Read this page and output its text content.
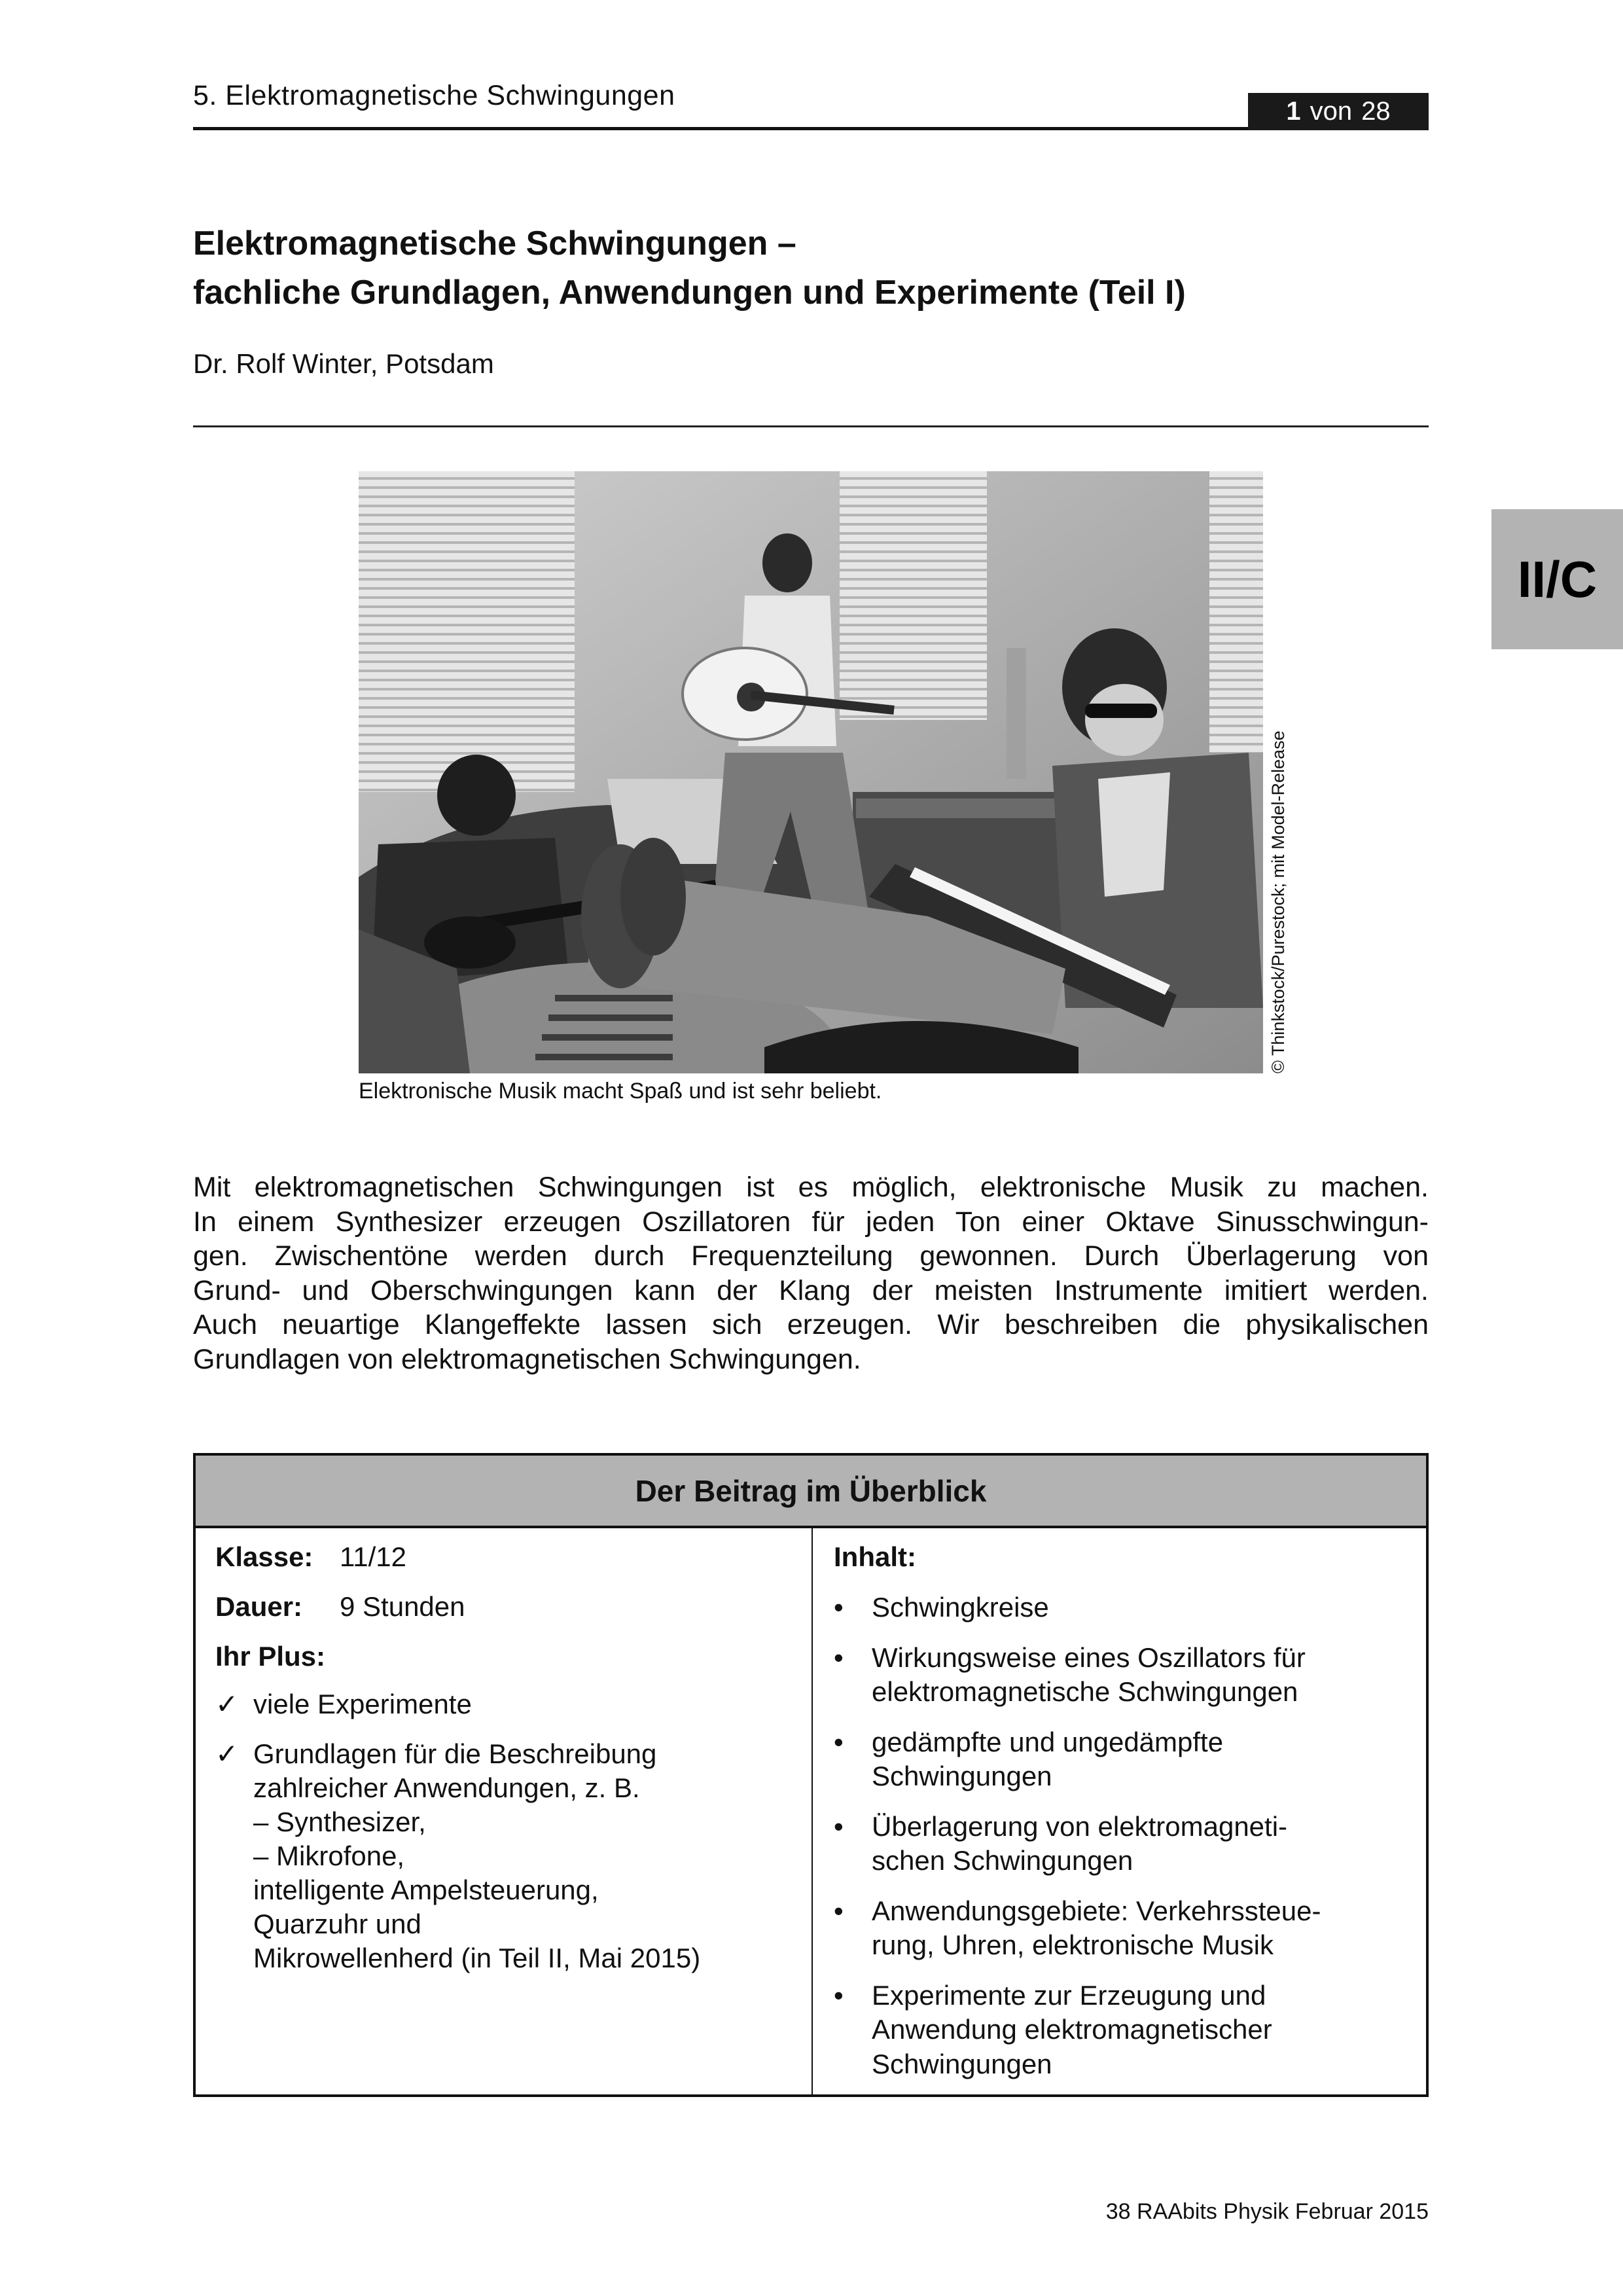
5. Elektromagnetische Schwingungen	1 von 28
II/C
Elektromagnetische Schwingungen –
fachliche Grundlagen, Anwendungen und Experimente (Teil I)
Dr. Rolf Winter, Potsdam
© Thinkstock/Purestock; mit Model-Release
Elektronische Musik macht Spaß und ist sehr beliebt.
Mit elektromagnetischen Schwingungen ist es möglich, elektronische Musik zu machen.
In einem Synthesizer erzeugen Oszillatoren für jeden Ton einer Oktave Sinusschwingun-
gen. Zwischentöne werden durch Frequenzteilung gewonnen. Durch Überlagerung von
Grund- und Oberschwingungen kann der Klang der meisten Instrumente imitiert werden.
Auch neuartige Klangeffekte lassen sich erzeugen. Wir beschreiben die physikalischen
Grundlagen von elektromagnetischen Schwingungen.
Der Beitrag im Überblick
Klasse: 11/12
Dauer:	9 Stunden
Ihr Plus:
✓ viele Experimente
✓ Grundlagen für die Beschreibung
zahlreicher Anwendungen, z. B.
– Synthesizer,
– Mikrofone,
intelligente Ampelsteuerung,
Quarzuhr und
Mikrowellenherd (in Teil II, Mai 2015)
Inhalt:
•	Schwingkreise
•	Wirkungsweise eines Oszillators für
elektromagnetische Schwingungen
•	gedämpfte und ungedämpfte
Schwingungen
•	Überlagerung von elektromagneti-
schen Schwingungen
•	Anwendungsgebiete: Verkehrssteue-
rung, Uhren, elektronische Musik
•	Experimente zur Erzeugung und
Anwendung elektromagnetischer
Schwingungen
38 RAAbits Physik Februar 2015
